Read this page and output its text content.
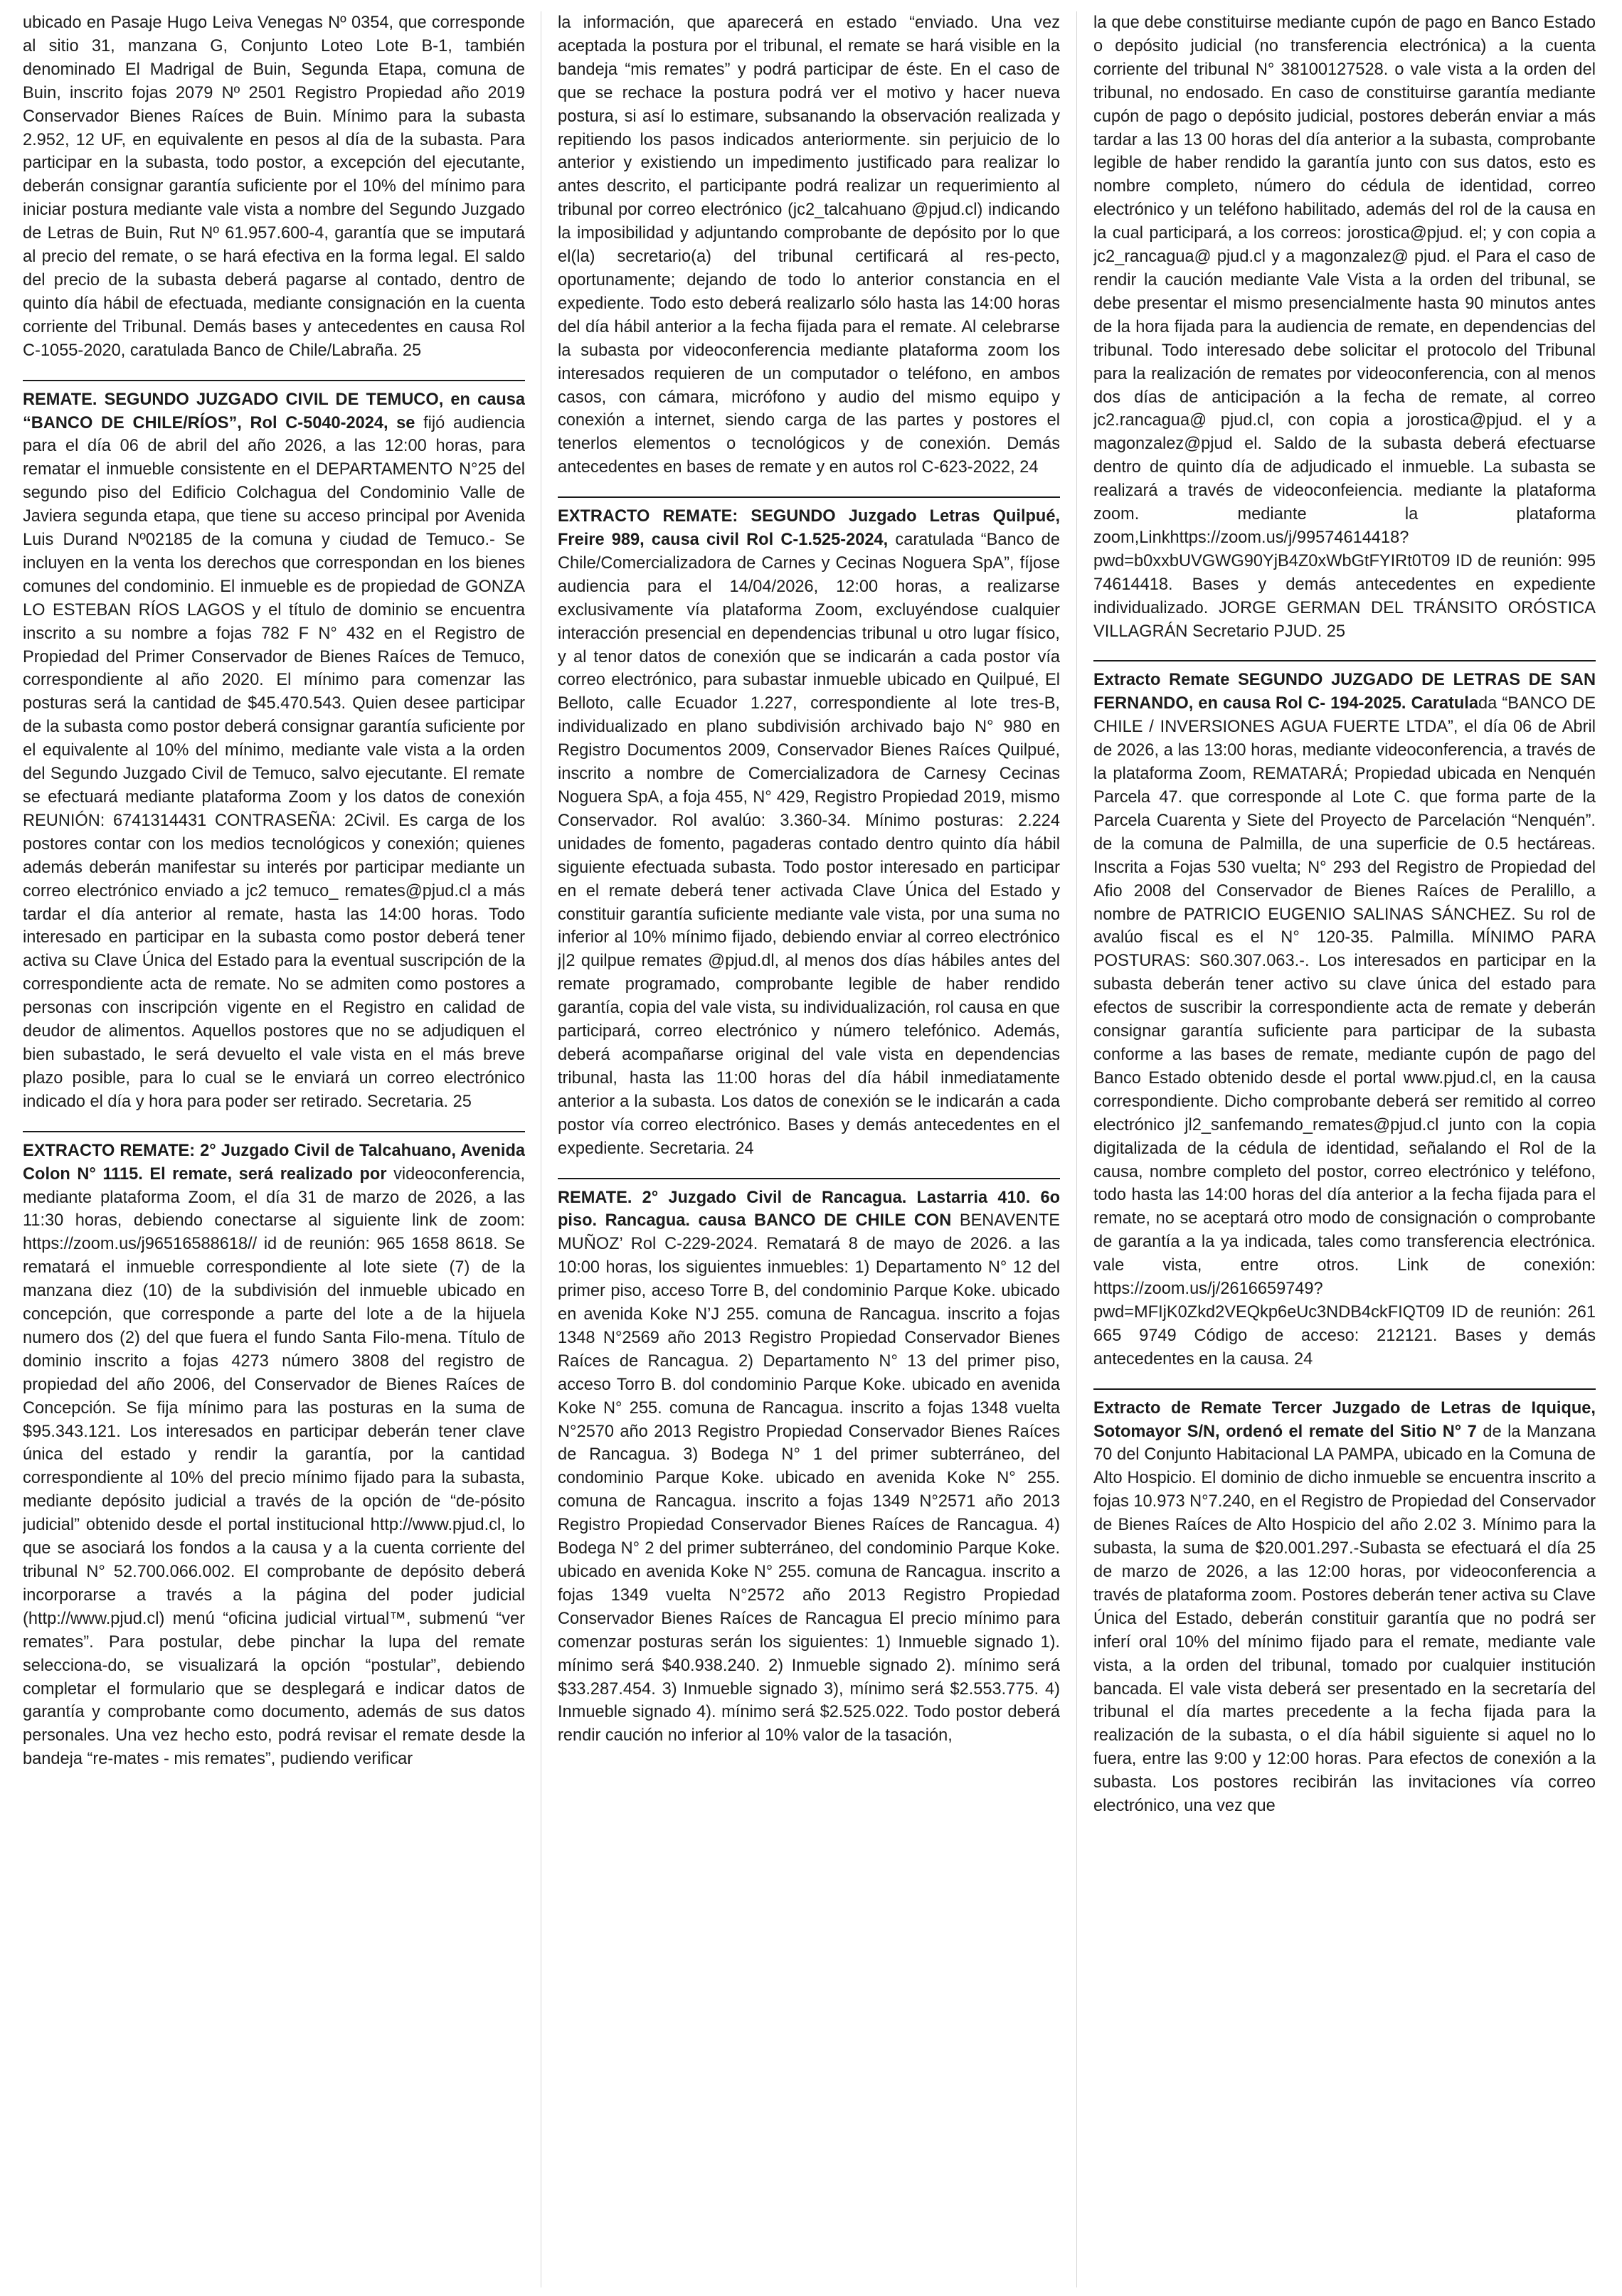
ubicado en Pasaje Hugo Leiva Venegas Nº 0354, que corresponde al sitio 31, manzana G, Conjunto Loteo Lote B-1, también denominado El Madrigal de Buin, Segunda Etapa, comuna de Buin, inscrito fojas 2079 Nº 2501 Registro Propiedad año 2019 Conservador Bienes Raíces de Buin. Mínimo para la subasta 2.952, 12 UF, en equivalente en pesos al día de la subasta. Para participar en la subasta, todo postor, a excepción del ejecutante, deberán consignar garantía suficiente por el 10% del mínimo para iniciar postura mediante vale vista a nombre del Segundo Juzgado de Letras de Buin, Rut Nº 61.957.600-4, garantía que se imputará al precio del remate, o se hará efectiva en la forma legal. El saldo del precio de la subasta deberá pagarse al contado, dentro de quinto día hábil de efectuada, mediante consignación en la cuenta corriente del Tribunal. Demás bases y antecedentes en causa Rol C-1055-2020, caratulada Banco de Chile/Labraña. 25

REMATE. SEGUNDO JUZGADO CIVIL DE TEMUCO, en causa “BANCO DE CHILE/RÍOS”, Rol C-5040-2024, se fijó audiencia para el día 06 de abril del año 2026, a las 12:00 horas, para rematar el inmueble consistente en el DEPARTAMENTO N°25 del segundo piso del Edificio Colchagua del Condominio Valle de Javiera segunda etapa, que tiene su acceso principal por Avenida Luis Durand Nº02185 de la comuna y ciudad de Temuco.- Se incluyen en la venta los derechos que correspondan en los bienes comunes del condominio. El inmueble es de propiedad de GONZA LO ESTEBAN RÍOS LAGOS y el título de dominio se encuentra inscrito a su nombre a fojas 782 F N° 432 en el Registro de Propiedad del Primer Conservador de Bienes Raíces de Temuco, correspondiente al año 2020. El mínimo para comenzar las posturas será la cantidad de $45.470.543. Quien desee participar de la subasta como postor deberá consignar garantía suficiente por el equivalente al 10% del mínimo, mediante vale vista a la orden del Segundo Juzgado Civil de Temuco, salvo ejecutante. El remate se efectuará mediante plataforma Zoom y los datos de conexión REUNIÓN: 6741314431 CONTRASEÑA: 2Civil. Es carga de los postores contar con los medios tecnológicos y conexión; quienes además deberán manifestar su interés por participar mediante un correo electrónico enviado a jc2 temuco_ remates@pjud.cl a más tardar el día anterior al remate, hasta las 14:00 horas. Todo interesado en participar en la subasta como postor deberá tener activa su Clave Única del Estado para la eventual suscripción de la correspondiente acta de remate. No se admiten como postores a personas con inscripción vigente en el Registro en calidad de deudor de alimentos. Aquellos postores que no se adjudiquen el bien subastado, le será devuelto el vale vista en el más breve plazo posible, para lo cual se le enviará un correo electrónico indicado el día y hora para poder ser retirado. Secretaria. 25

EXTRACTO REMATE: 2° Juzgado Civil de Talcahuano, Avenida Colon N° 1115. El remate, será realizado por videoconferencia, mediante plataforma Zoom, el día 31 de marzo de 2026, a las 11:30 horas, debiendo conectarse al siguiente link de zoom: https://zoom.us/j96516588618// id de reunión: 965 1658 8618. Se rematará el inmueble correspondiente al lote siete (7) de la manzana diez (10) de la subdivisión del inmueble ubicado en concepción, que corresponde a parte del lote a de la hijuela numero dos (2) del que fuera el fundo Santa Filo-mena. Título de dominio inscrito a fojas 4273 número 3808 del registro de propiedad del año 2006, del Conservador de Bienes Raíces de Concepción. Se fija mínimo para las posturas en la suma de $95.343.121. Los interesados en participar deberán tener clave única del estado y rendir la garantía, por la cantidad correspondiente al 10% del precio mínimo fijado para la subasta, mediante depósito judicial a través de la opción de “de-pósito judicial” obtenido desde el portal institucional http://www.pjud.cl, lo que se asociará los fondos a la causa y a la cuenta corriente del tribunal N° 52.700.066.002. El comprobante de depósito deberá incorporarse a través a la página del poder judicial (http://www.pjud.cl) menú “oficina judicial virtual™, submenú “ver remates”. Para postular, debe pinchar la lupa del remate selecciona-do, se visualizará la opción “postular”, debiendo completar el formulario que se desplegará e indicar datos de garantía y comprobante como documento, además de sus datos personales. Una vez hecho esto, podrá revisar el remate desde la bandeja “re-mates - mis remates”, pudiendo verificar

la información, que aparecerá en estado “enviado. Una vez aceptada la postura por el tribunal, el remate se hará visible en la bandeja “mis remates” y podrá participar de éste. En el caso de que se rechace la postura podrá ver el motivo y hacer nueva postura, si así lo estimare, subsanando la observación realizada y repitiendo los pasos indicados anteriormente. sin perjuicio de lo anterior y existiendo un impedimento justificado para realizar lo antes descrito, el participante podrá realizar un requerimiento al tribunal por correo electrónico (jc2_talcahuano @pjud.cl) indicando la imposibilidad y adjuntando comprobante de depósito por lo que el(la) secretario(a) del tribunal certificará al res-pecto, oportunamente; dejando de todo lo anterior constancia en el expediente. Todo esto deberá realizarlo sólo hasta las 14:00 horas del día hábil anterior a la fecha fijada para el remate. Al celebrarse la subasta por videoconferencia mediante plataforma zoom los interesados requieren de un computador o teléfono, en ambos casos, con cámara, micrófono y audio del mismo equipo y conexión a internet, siendo carga de las partes y postores el tenerlos elementos o tecnológicos y de conexión. Demás antecedentes en bases de remate y en autos rol C-623-2022, 24

EXTRACTO REMATE: SEGUNDO Juzgado Letras Quilpué, Freire 989, causa civil Rol C-1.525-2024, caratulada “Banco de Chile/Comercializadora de Carnes y Cecinas Noguera SpA”, fíjose audiencia para el 14/04/2026, 12:00 horas, a realizarse exclusivamente vía plataforma Zoom, excluyéndose cualquier interacción presencial en dependencias tribunal u otro lugar físico, y al tenor datos de conexión que se indicarán a cada postor vía correo electrónico, para subastar inmueble ubicado en Quilpué, El Belloto, calle Ecuador 1.227, correspondiente al lote tres-B, individualizado en plano subdivisión archivado bajo N° 980 en Registro Documentos 2009, Conservador Bienes Raíces Quilpué, inscrito a nombre de Comercializadora de Carnesy Cecinas Noguera SpA, a foja 455, N° 429, Registro Propiedad 2019, mismo Conservador. Rol avalúo: 3.360-34. Mínimo posturas: 2.224 unidades de fomento, pagaderas contado dentro quinto día hábil siguiente efectuada subasta. Todo postor interesado en participar en el remate deberá tener activada Clave Única del Estado y constituir garantía suficiente mediante vale vista, por una suma no inferior al 10% mínimo fijado, debiendo enviar al correo electrónico j|2 quilpue remates @pjud.dl, al menos dos días hábiles antes del remate programado, comprobante legible de haber rendido garantía, copia del vale vista, su individualización, rol causa en que participará, correo electrónico y número telefónico. Además, deberá acompañarse original del vale vista en dependencias tribunal, hasta las 11:00 horas del día hábil inmediatamente anterior a la subasta. Los datos de conexión se le indicarán a cada postor vía correo electrónico. Bases y demás antecedentes en el expediente. Secretaria. 24

REMATE. 2° Juzgado Civil de Rancagua. Lastarria 410. 6o piso. Rancagua. causa BANCO DE CHILE CON BENAVENTE MUÑOZ’ Rol C-229-2024. Rematará 8 de mayo de 2026. a las 10:00 horas, los siguientes inmuebles: 1) Departamento N° 12 del primer piso, acceso Torre B, del condominio Parque Koke. ubicado en avenida Koke N’J 255. comuna de Rancagua. inscrito a fojas 1348 N°2569 año 2013 Registro Propiedad Conservador Bienes Raíces de Rancagua. 2) Departamento N° 13 del primer piso, acceso Torro B. dol condominio Parque Koke. ubicado en avenida Koke N° 255. comuna de Rancagua. inscrito a fojas 1348 vuelta N°2570 año 2013 Registro Propiedad Conservador Bienes Raíces de Rancagua. 3) Bodega N° 1 del primer subterráneo, del condominio Parque Koke. ubicado en avenida Koke N° 255. comuna de Rancagua. inscrito a fojas 1349 N°2571 año 2013 Registro Propiedad Conservador Bienes Raíces de Rancagua. 4) Bodega N° 2 del primer subterráneo, del condominio Parque Koke. ubicado en avenida Koke N° 255. comuna de Rancagua. inscrito a fojas 1349 vuelta N°2572 año 2013 Registro Propiedad Conservador Bienes Raíces de Rancagua El precio mínimo para comenzar posturas serán los siguientes: 1) Inmueble signado 1). mínimo será $40.938.240. 2) Inmueble signado 2). mínimo será $33.287.454. 3) Inmueble signado 3), mínimo será $2.553.775. 4) Inmueble signado 4). mínimo será $2.525.022. Todo postor deberá rendir caución no inferior al 10% valor de la tasación,

la que debe constituirse mediante cupón de pago en Banco Estado o depósito judicial (no transferencia electrónica) a la cuenta corriente del tribunal N° 38100127528. o vale vista a la orden del tribunal, no endosado. En caso de constituirse garantía mediante cupón de pago o depósito judicial, postores deberán enviar a más tardar a las 13 00 horas del día anterior a la subasta, comprobante legible de haber rendido la garantía junto con sus datos, esto es nombre completo, número do cédula de identidad, correo electrónico y un teléfono habilitado, además del rol de la causa en la cual participará, a los correos: jorostica@pjud. el; y con copia a jc2_rancagua@ pjud.cl y a magonzalez@ pjud. el Para el caso de rendir la caución mediante Vale Vista a la orden del tribunal, se debe presentar el mismo presencialmente hasta 90 minutos antes de la hora fijada para la audiencia de remate, en dependencias del tribunal. Todo interesado debe solicitar el protocolo del Tribunal para la realización de remates por videoconferencia, con al menos dos días de anticipación a la fecha de remate, al correo jc2.rancagua@ pjud.cl, con copia a jorostica@pjud. el y a magonzalez@pjud el. Saldo de la subasta deberá efectuarse dentro de quinto día de adjudicado el inmueble. La subasta se realizará a través de videoconfeiencia. mediante la plataforma zoom. mediante la plataforma zoom,Linkhttps://zoom.us/j/99574614418?pwd=b0xxbUVGWG90YjB4Z0xWbGtFYIRt0T09 ID de reunión: 995 74614418. Bases y demás antecedentes en expediente individualizado. JORGE GERMAN DEL TRÁNSITO ORÓSTICA VILLAGRÁN Secretario PJUD. 25

Extracto Remate SEGUNDO JUZGADO DE LETRAS DE SAN FERNANDO, en causa Rol C- 194-2025. Caratulada “BANCO DE CHILE / INVERSIONES AGUA FUERTE LTDA”, el día 06 de Abril de 2026, a las 13:00 horas, mediante videoconferencia, a través de la plataforma Zoom, REMATARÁ; Propiedad ubicada en Nenquén Parcela 47. que corresponde al Lote C. que forma parte de la Parcela Cuarenta y Siete del Proyecto de Parcelación “Nenquén”. de la comuna de Palmilla, de una superficie de 0.5 hectáreas. Inscrita a Fojas 530 vuelta; N° 293 del Registro de Propiedad del Afio 2008 del Conservador de Bienes Raíces de Peralillo, a nombre de PATRICIO EUGENIO SALINAS SÁNCHEZ. Su rol de avalúo fiscal es el N° 120-35. Palmilla. MÍNIMO PARA POSTURAS: S60.307.063.-. Los interesados en participar en la subasta deberán tener activo su clave única del estado para efectos de suscribir la correspondiente acta de remate y deberán consignar garantía suficiente para participar de la subasta conforme a las bases de remate, mediante cupón de pago del Banco Estado obtenido desde el portal www.pjud.cl, en la causa correspondiente. Dicho comprobante deberá ser remitido al correo electrónico jl2_sanfemando_remates@pjud.cl junto con la copia digitalizada de la cédula de identidad, señalando el Rol de la causa, nombre completo del postor, correo electrónico y teléfono, todo hasta las 14:00 horas del día anterior a la fecha fijada para el remate, no se aceptará otro modo de consignación o comprobante de garantía a la ya indicada, tales como transferencia electrónica. vale vista, entre otros. Link de conexión: https://zoom.us/j/2616659749?pwd=MFIjK0Zkd2VEQkp6eUc3NDB4ckFIQT09 ID de reunión: 261 665 9749 Código de acceso: 212121. Bases y demás antecedentes en la causa. 24

Extracto de Remate Tercer Juzgado de Letras de Iquique, Sotomayor S/N, ordenó el remate del Sitio N° 7 de la Manzana 70 del Conjunto Habitacional LA PAMPA, ubicado en la Comuna de Alto Hospicio. El dominio de dicho inmueble se encuentra inscrito a fojas 10.973 N°7.240, en el Registro de Propiedad del Conservador de Bienes Raíces de Alto Hospicio del año 2.02 3. Mínimo para la subasta, la suma de $20.001.297.-Subasta se efectuará el día 25 de marzo de 2026, a las 12:00 horas, por videoconferencia a través de plataforma zoom. Postores deberán tener activa su Clave Única del Estado, deberán constituir garantía que no podrá ser inferí oral 10% del mínimo fijado para el remate, mediante vale vista, a la orden del tribunal, tomado por cualquier institución bancada. El vale vista deberá ser presentado en la secretaría del tribunal el día martes precedente a la fecha fijada para la realización de la subasta, o el día hábil siguiente si aquel no lo fuera, entre las 9:00 y 12:00 horas. Para efectos de conexión a la subasta. Los postores recibirán las invitaciones vía correo electrónico, una vez que
